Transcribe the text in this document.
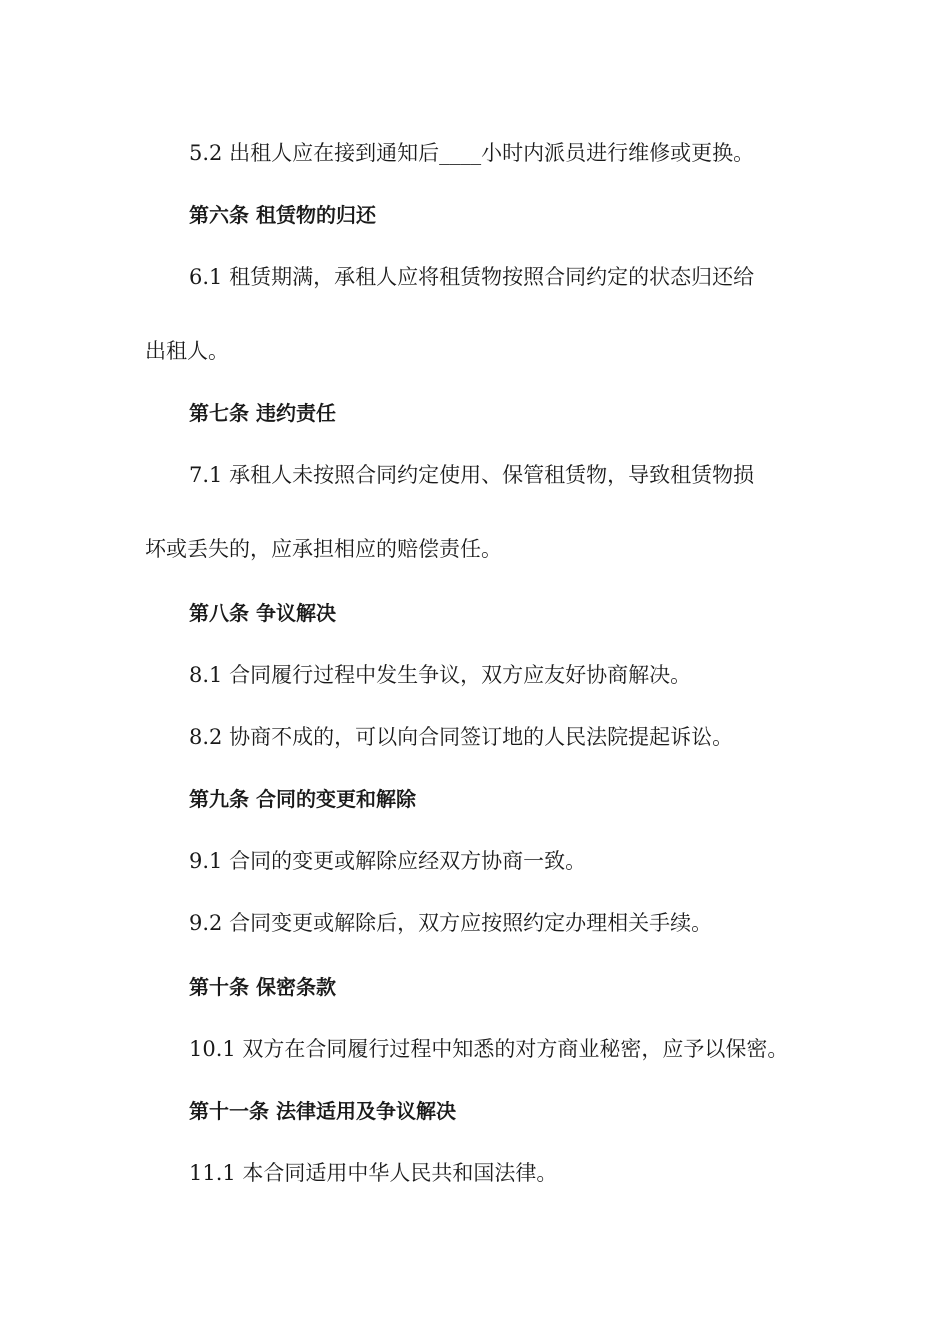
5.2 出租人应在接到通知后____小时内派员进行维修或更换。
第六条 租赁物的归还
6.1 租赁期满，承租人应将租赁物按照合同约定的状态归还给
出租人。
第七条 违约责任
7.1 承租人未按照合同约定使用、保管租赁物，导致租赁物损
坏或丢失的，应承担相应的赔偿责任。
第八条 争议解决
8.1 合同履行过程中发生争议，双方应友好协商解决。
8.2 协商不成的，可以向合同签订地的人民法院提起诉讼。
第九条 合同的变更和解除
9.1 合同的变更或解除应经双方协商一致。
9.2 合同变更或解除后，双方应按照约定办理相关手续。
第十条 保密条款
10.1 双方在合同履行过程中知悉的对方商业秘密，应予以保密。
第十一条 法律适用及争议解决
11.1 本合同适用中华人民共和国法律。
